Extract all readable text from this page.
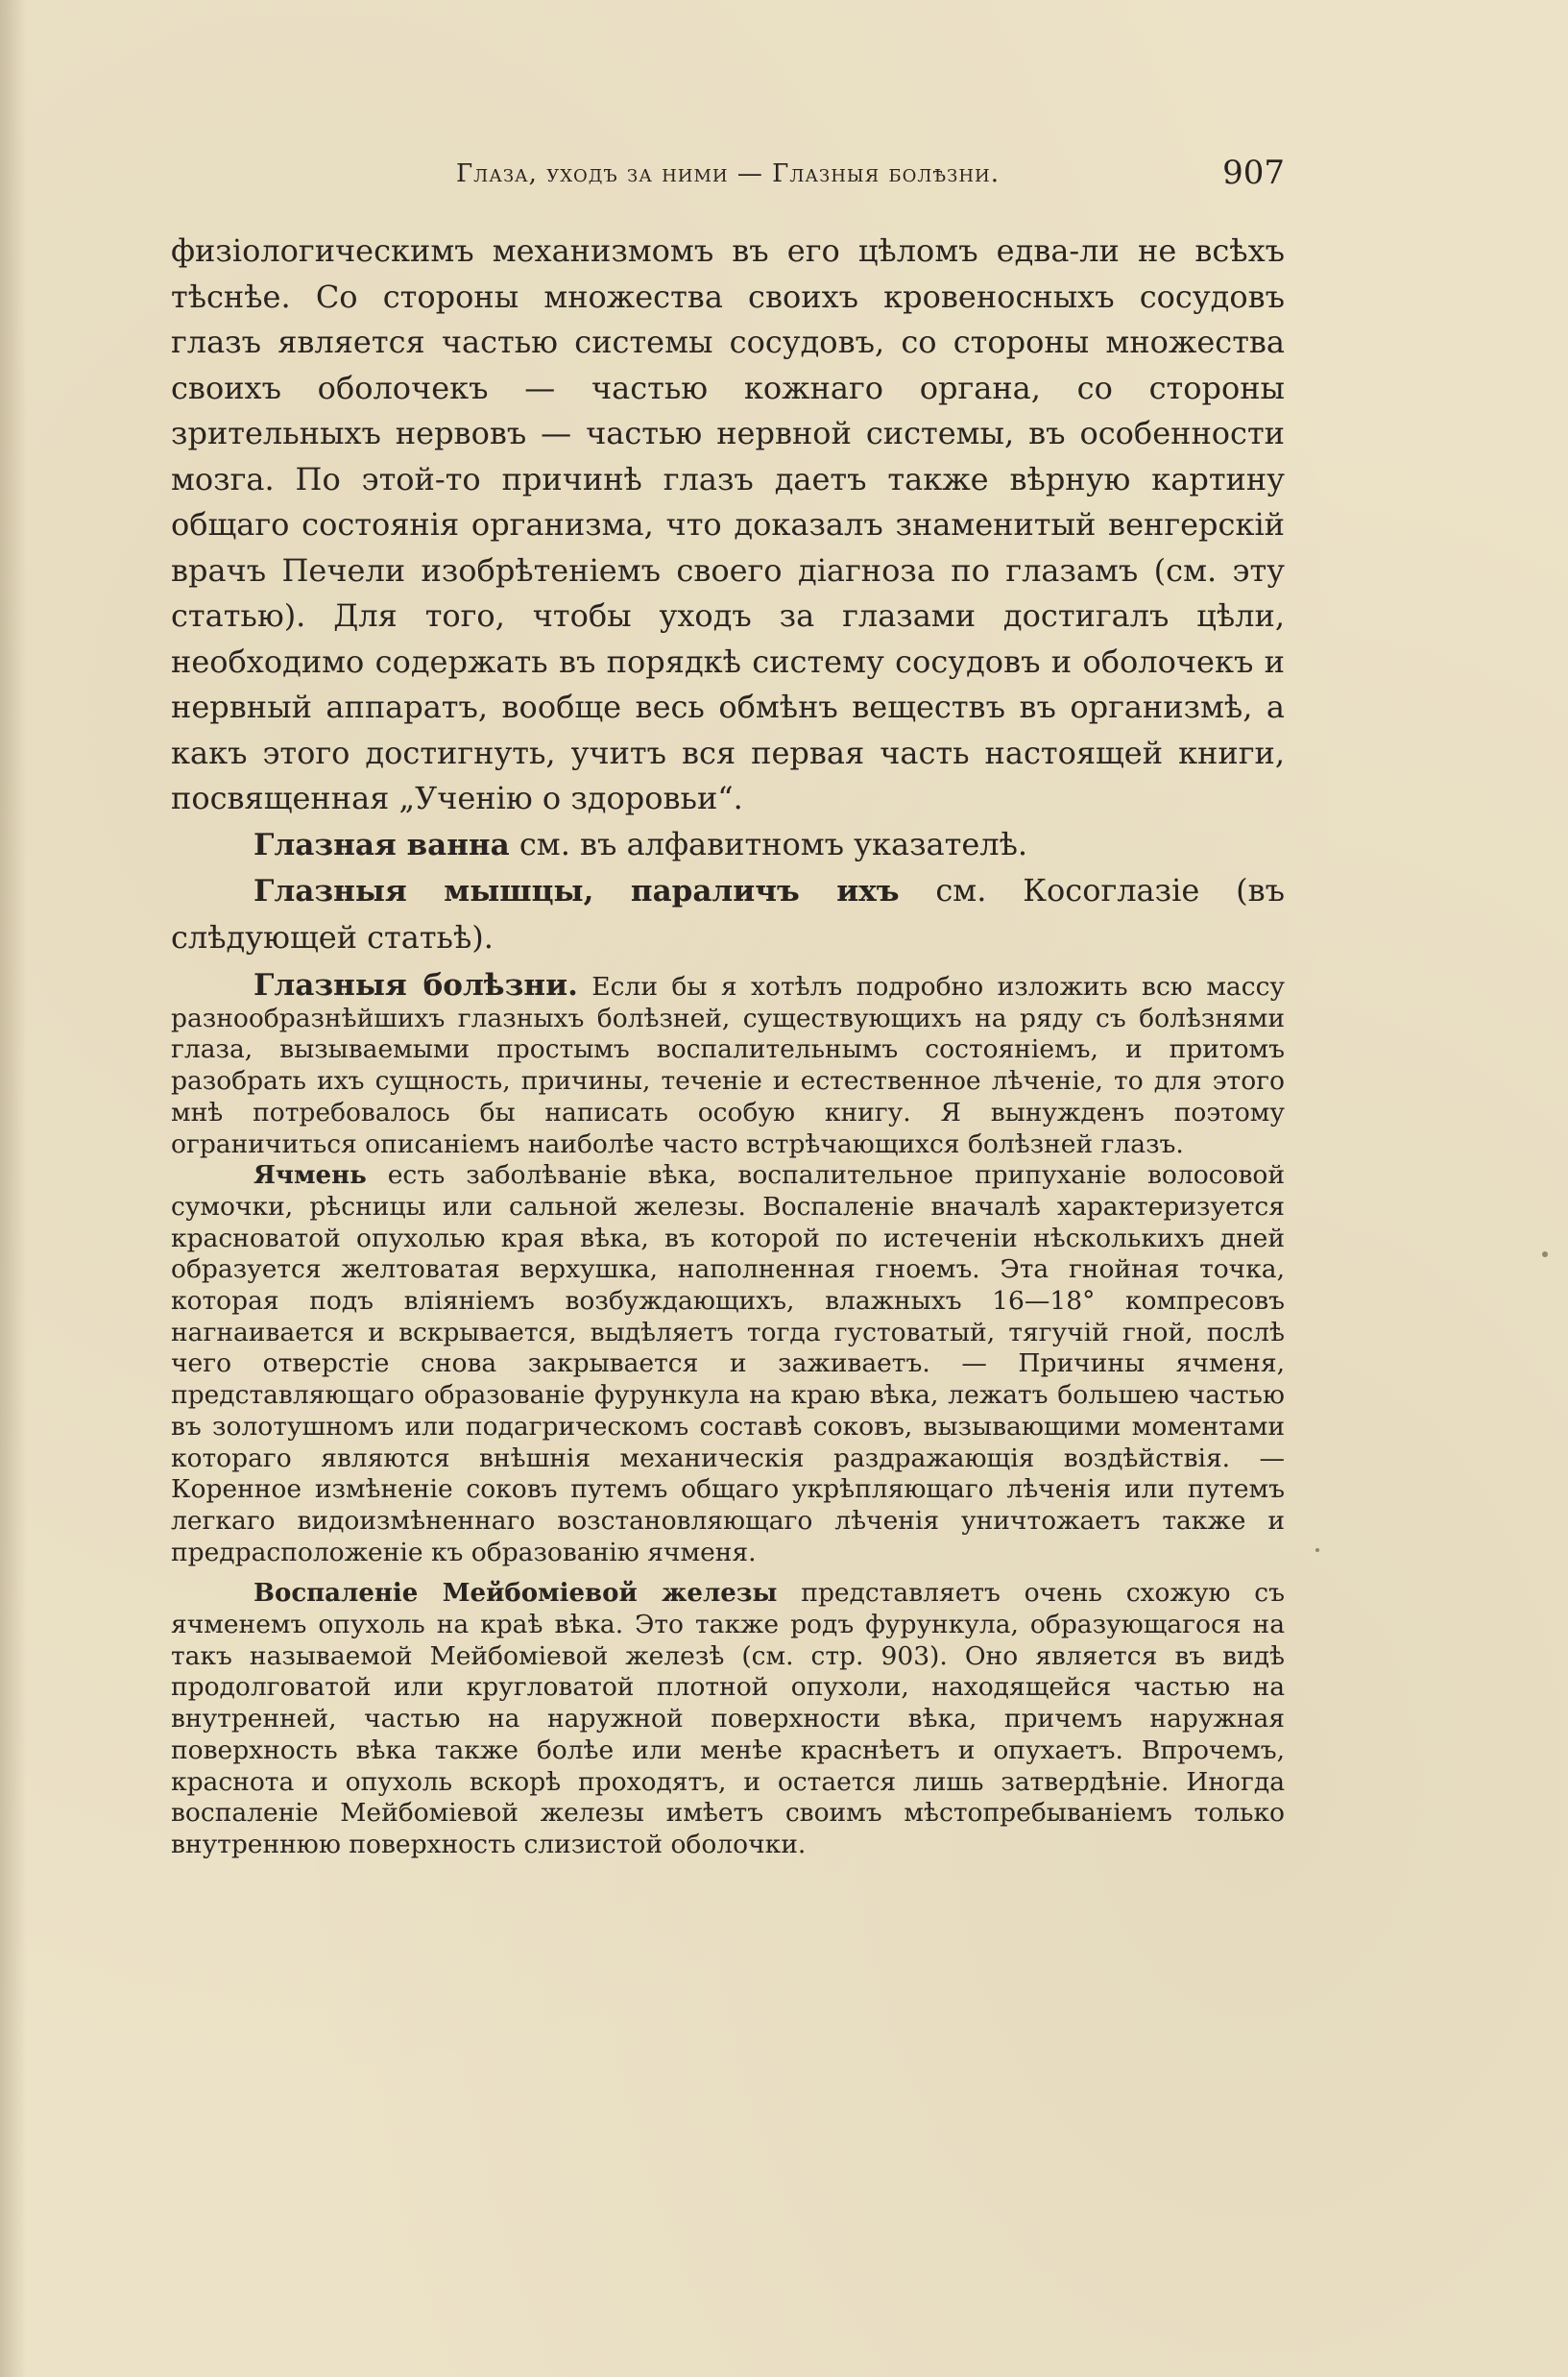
Глаза, уходъ за ними — Глазныя болѣзни.	907

физiологическимъ механизмомъ въ его цѣломъ едва-ли не всѣхъ тѣснѣе. Со стороны множества своихъ кровеносныхъ сосудовъ глазъ является частью системы сосудовъ, со стороны множества своихъ оболочекъ — частью кожнаго органа, со стороны зрительныхъ нервовъ — частью нервной системы, въ особенности мозга. По этой-то причинѣ глазъ даетъ также вѣрную картину общаго состоянiя организма, что доказалъ знаменитый венгерскiй врачъ Печели изобрѣтенiемъ своего дiагноза по глазамъ (см. эту статью). Для того, чтобы уходъ за глазами достигалъ цѣли, необходимо содержать въ порядкѣ систему сосудовъ и оболочекъ и нервный аппаратъ, вообще весь обмѣнъ веществъ въ организмѣ, а какъ этого достигнуть, учитъ вся первая часть настоящей книги, посвященная „Ученiю о здоровьи“.

Глазная ванна см. въ алфавитномъ указателѣ.

Глазныя мышцы, параличъ ихъ см. Косоглазiе (въ слѣдующей статьѣ).

Глазныя болѣзни. Если бы я хотѣлъ подробно изложить всю массу разнообразнѣйшихъ глазныхъ болѣзней, существующихъ на ряду съ болѣзнями глаза, вызываемыми простымъ воспалительнымъ состоянiемъ, и притомъ разобрать ихъ сущность, причины, теченiе и естественное лѣченiе, то для этого мнѣ потребовалось бы написать особую книгу. Я вынужденъ поэтому ограничиться описанiемъ наиболѣе часто встрѣчающихся болѣзней глазъ.

Ячмень есть заболѣванiе вѣка, воспалительное припуханiе волосовой сумочки, рѣсницы или сальной железы. Воспаленiе вначалѣ характеризуется красноватой опухолью края вѣка, въ которой по истеченiи нѣсколькихъ дней образуется желтоватая верхушка, наполненная гноемъ. Эта гнойная точка, которая подъ влiянiемъ возбуждающихъ, влажныхъ 16—18° компресовъ нагнаивается и вскрывается, выдѣляетъ тогда густоватый, тягучiй гной, послѣ чего отверстiе снова закрывается и заживаетъ. — Причины ячменя, представляющаго образованiе фурункула на краю вѣка, лежатъ большею частью въ золотушномъ или подагрическомъ составѣ соковъ, вызывающими моментами котораго являются внѣшнiя механическiя раздражающiя воздѣйствiя. — Коренное измѣненiе соковъ путемъ общаго укрѣпляющаго лѣченiя или путемъ легкаго видоизмѣненнаго возстановляющаго лѣченiя уничтожаетъ также и предрасположенiе къ образованiю ячменя.

Воспаленiе Мейбомiевой железы представляетъ очень схожую съ ячменемъ опухоль на краѣ вѣка. Это также родъ фурункула, образующагося на такъ называемой Мейбомiевой железѣ (см. стр. 903). Оно является въ видѣ продолговатой или кругловатой плотной опухоли, находящейся частью на внутренней, частью на наружной поверхности вѣка, причемъ наружная поверхность вѣка также болѣе или менѣе краснѣетъ и опухаетъ. Впрочемъ, краснота и опухоль вскорѣ проходятъ, и остается лишь затвердѣнiе. Иногда воспаленiе Мейбомiевой железы имѣетъ своимъ мѣстопребыванiемъ только внутреннюю поверхность слизистой оболочки.
